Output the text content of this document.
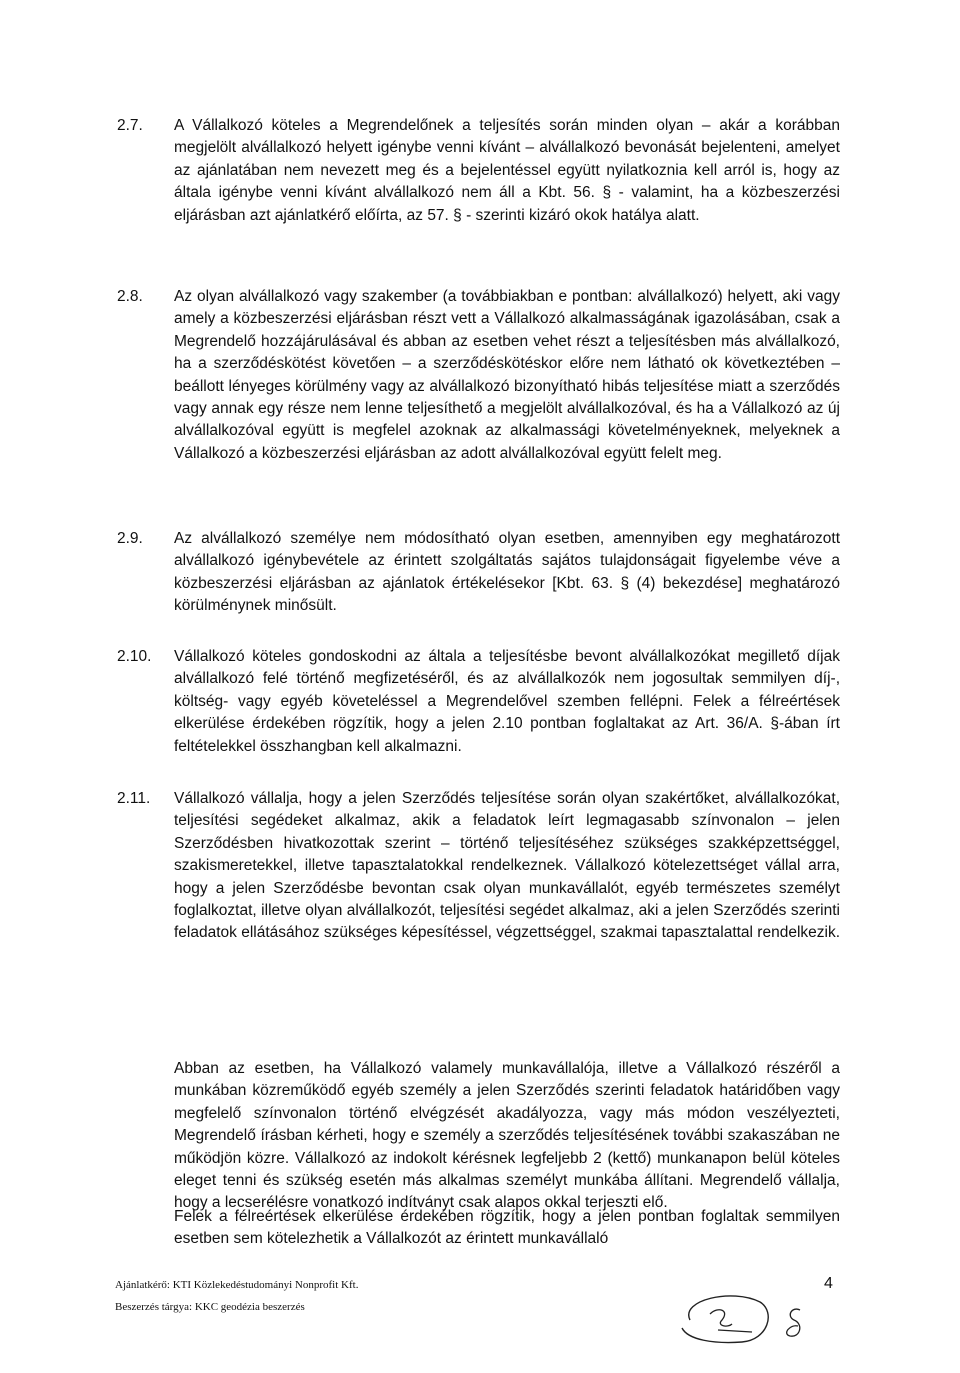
2.7. A Vállalkozó köteles a Megrendelőnek a teljesítés során minden olyan – akár a korábban megjelölt alvállalkozó helyett igénybe venni kívánt – alvállalkozó bevonását bejelenteni, amelyet az ajánlatában nem nevezett meg és a bejelentéssel együtt nyilatkoznia kell arról is, hogy az általa igénybe venni kívánt alvállalkozó nem áll a Kbt. 56. § - valamint, ha a közbeszerzési eljárásban azt ajánlatkérő előírta, az 57. § - szerinti kizáró okok hatálya alatt.

2.8. Az olyan alvállalkozó vagy szakember (a továbbiakban e pontban: alvállalkozó) helyett, aki vagy amely a közbeszerzési eljárásban részt vett a Vállalkozó alkalmasságának igazolásában, csak a Megrendelő hozzájárulásával és abban az esetben vehet részt a teljesítésben más alvállalkozó, ha a szerződéskötést követően – a szerződéskötéskor előre nem látható ok következtében – beállott lényeges körülmény vagy az alvállalkozó bizonyítható hibás teljesítése miatt a szerződés vagy annak egy része nem lenne teljesíthető a megjelölt alvállalkozóval, és ha a Vállalkozó az új alvállalkozóval együtt is megfelel azoknak az alkalmassági követelményeknek, melyeknek a Vállalkozó a közbeszerzési eljárásban az adott alvállalkozóval együtt felelt meg.

2.9. Az alvállalkozó személye nem módosítható olyan esetben, amennyiben egy meghatározott alvállalkozó igénybevétele az érintett szolgáltatás sajátos tulajdonságait figyelembe véve a közbeszerzési eljárásban az ajánlatok értékelésekor [Kbt. 63. § (4) bekezdése] meghatározó körülménynek minősült.

2.10. Vállalkozó köteles gondoskodni az általa a teljesítésbe bevont alvállalkozókat megillető díjak alvállalkozó felé történő megfizetéséről, és az alvállalkozók nem jogosultak semmilyen díj-, költség- vagy egyéb követeléssel a Megrendelővel szemben fellépni. Felek a félreértések elkerülése érdekében rögzítik, hogy a jelen 2.10 pontban foglaltakat az Art. 36/A. §-ában írt feltételekkel összhangban kell alkalmazni.

2.11. Vállalkozó vállalja, hogy a jelen Szerződés teljesítése során olyan szakértőket, alvállalkozókat, teljesítési segédeket alkalmaz, akik a feladatok leírt legmagasabb színvonalon – jelen Szerződésben hivatkozottak szerint – történő teljesítéséhez szükséges szakképzettséggel, szakismeretekkel, illetve tapasztalatokkal rendelkeznek. Vállalkozó kötelezettséget vállal arra, hogy a jelen Szerződésbe bevontan csak olyan munkavállalót, egyéb természetes személyt foglalkoztat, illetve olyan alvállalkozót, teljesítési segédet alkalmaz, aki a jelen Szerződés szerinti feladatok ellátásához szükséges képesítéssel, végzettséggel, szakmai tapasztalattal rendelkezik.

Abban az esetben, ha Vállalkozó valamely munkavállalója, illetve a Vállalkozó részéről a munkában közreműködő egyéb személy a jelen Szerződés szerinti feladatok határidőben vagy megfelelő színvonalon történő elvégzését akadályozza, vagy más módon veszélyezteti, Megrendelő írásban kérheti, hogy e személy a szerződés teljesítésének további szakaszában ne működjön közre. Vállalkozó az indokolt kérésnek legfeljebb 2 (kettő) munkanapon belül köteles eleget tenni és szükség esetén más alkalmas személyt munkába állítani. Megrendelő vállalja, hogy a lecserélésre vonatkozó indítványt csak alapos okkal terjeszti elő.

Felek a félreértések elkerülése érdekében rögzítik, hogy a jelen pontban foglaltak semmilyen esetben sem kötelezhetik a Vállalkozót az érintett munkavállaló

Ajánlatkérő: KTI Közlekedéstudományi Nonprofit Kft.
Beszerzés tárgya: KKC geodézia beszerzés
4
